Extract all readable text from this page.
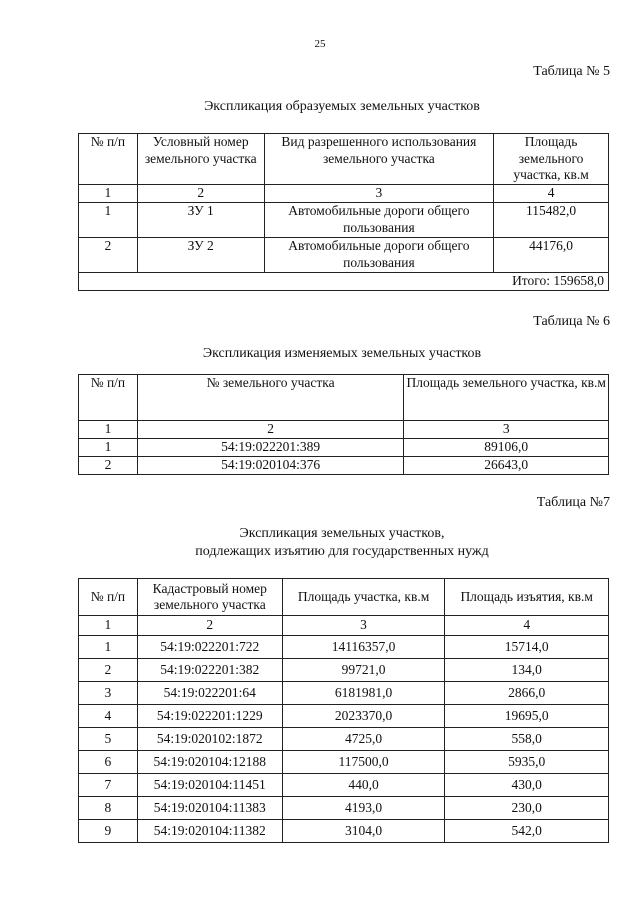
25
Таблица № 5
Экспликация образуемых земельных участков
№ п/п	Условный номер земельного участка	Вид разрешенного использования земельного участка	Площадь земельного участка, кв.м
1	2	3	4
1	ЗУ 1	Автомобильные дороги общего пользования	115482,0
2	ЗУ 2	Автомобильные дороги общего пользования	44176,0
Итого: 159658,0			
Таблица № 6
Экспликация изменяемых земельных участков
№ п/п	№ земельного участка	Площадь земельного участка, кв.м
1	2	3
1	54:19:022201:389	89106,0
2	54:19:020104:376	26643,0
Таблица №7
Экспликация земельных участков,
подлежащих изъятию для государственных нужд
№ п/п	Кадастровый номер земельного участка	Площадь участка, кв.м	Площадь изъятия, кв.м
1	2	3	4
1	54:19:022201:722	14116357,0	15714,0
2	54:19:022201:382	99721,0	134,0
3	54:19:022201:64	6181981,0	2866,0
4	54:19:022201:1229	2023370,0	19695,0
5	54:19:020102:1872	4725,0	558,0
6	54:19:020104:12188	117500,0	5935,0
7	54:19:020104:11451	440,0	430,0
8	54:19:020104:11383	4193,0	230,0
9	54:19:020104:11382	3104,0	542,0
